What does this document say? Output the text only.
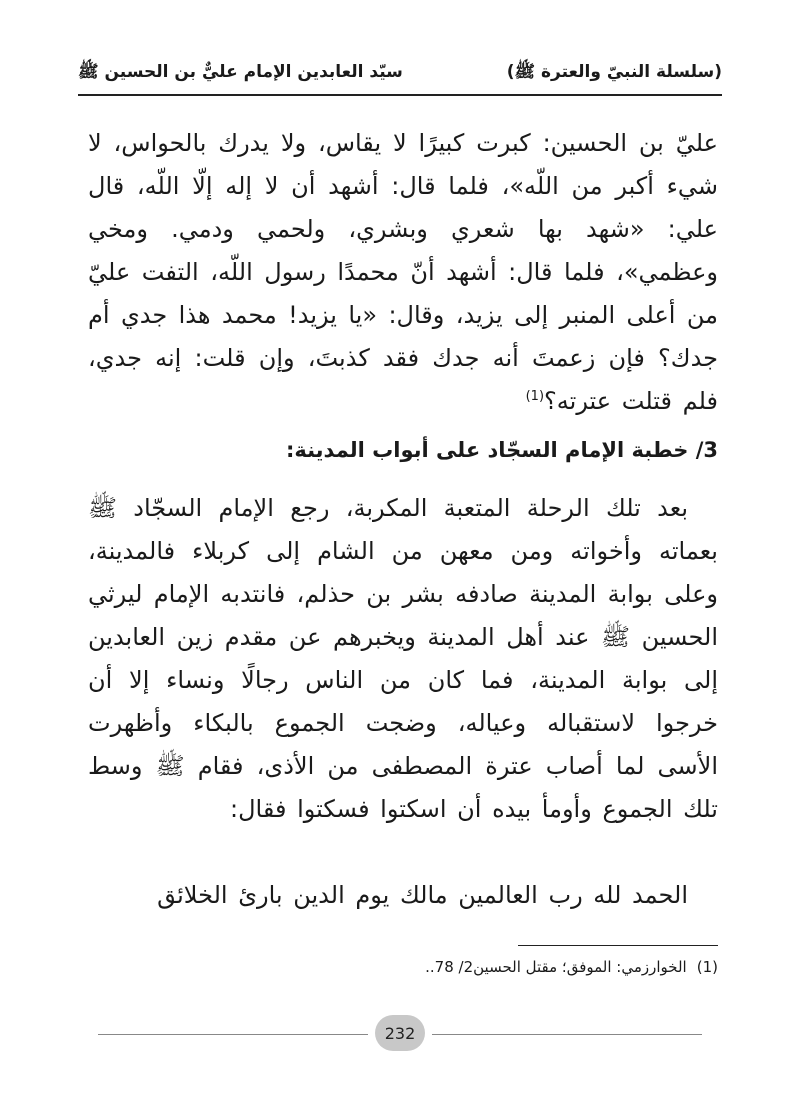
(سلسلة النبيّ والعترة ﷺ)
سيّد العابدين الإمام عليٌّ بن الحسين ﷺ

عليّ بن الحسين: كبرت كبيرًا لا يقاس، ولا يدرك بالحواس، لا شيء أكبر من اللّه»، فلما قال: أشهد أن لا إله إلّا اللّه، قال علي: «شهد بها شعري وبشري، ولحمي ودمي. ومخي وعظمي»، فلما قال: أشهد أنّ محمدًا رسول اللّه، التفت عليّ من أعلى المنبر إلى يزيد، وقال: «يا يزيد! محمد هذا جدي أم جدك؟ فإن زعمتَ أنه جدك فقد كذبتَ، وإن قلت: إنه جدي، فلم قتلت عترته؟$^{(1)}$

3/ خطبة الإمام السجّاد على أبواب المدينة:

بعد تلك الرحلة المتعبة المكربة، رجع الإمام السجّاد ﷺ بعماته وأخواته ومن معهن من الشام إلى كربلاء فالمدينة، وعلى بوابة المدينة صادفه بشر بن حذلم، فانتدبه الإمام ليرثي الحسين ﷺ عند أهل المدينة ويخبرهم عن مقدم زين العابدين إلى بوابة المدينة، فما كان من الناس رجالًا ونساء إلا أن خرجوا لاستقباله وعياله، وضجت الجموع بالبكاء وأظهرت الأسى لما أصاب عترة المصطفى من الأذى، فقام ﷺ وسط تلك الجموع وأومأ بيده أن اسكتوا فسكتوا فقال:

الحمد لله رب العالمين مالك يوم الدين بارئ الخلائق

(1)الخوارزمي: الموفق؛ مقتل الحسين2/ 78..
232
